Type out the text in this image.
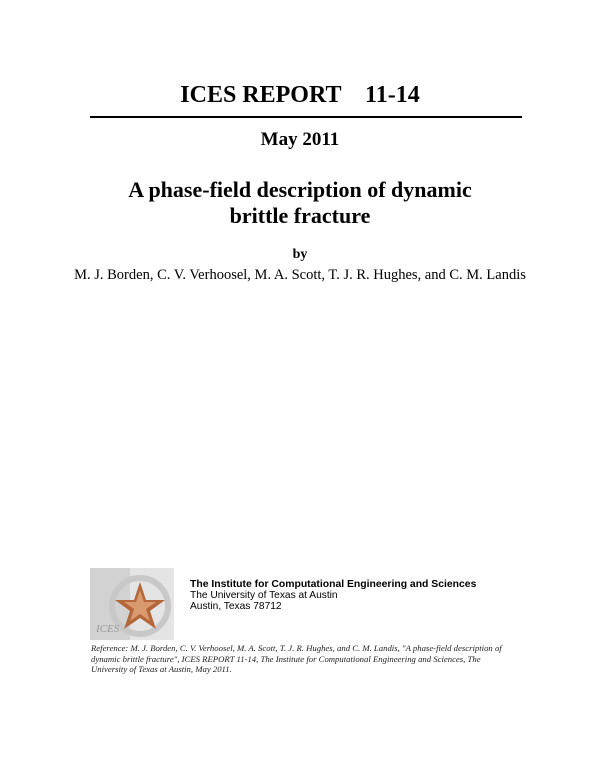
ICES REPORT    11-14
May 2011
A phase-field description of dynamic
brittle fracture
by
M. J. Borden, C. V. Verhoosel, M. A. Scott, T. J. R. Hughes, and C. M. Landis
ICES
The Institute for Computational Engineering and Sciences
The University of Texas at Austin
Austin, Texas 78712
Reference: M. J. Borden, C. V. Verhoosel, M. A. Scott, T. J. R. Hughes, and C. M. Landis, "A phase-field description of
dynamic brittle fracture", ICES REPORT 11-14, The Institute for Computational Engineering and Sciences, The
University of Texas at Austin, May 2011.
